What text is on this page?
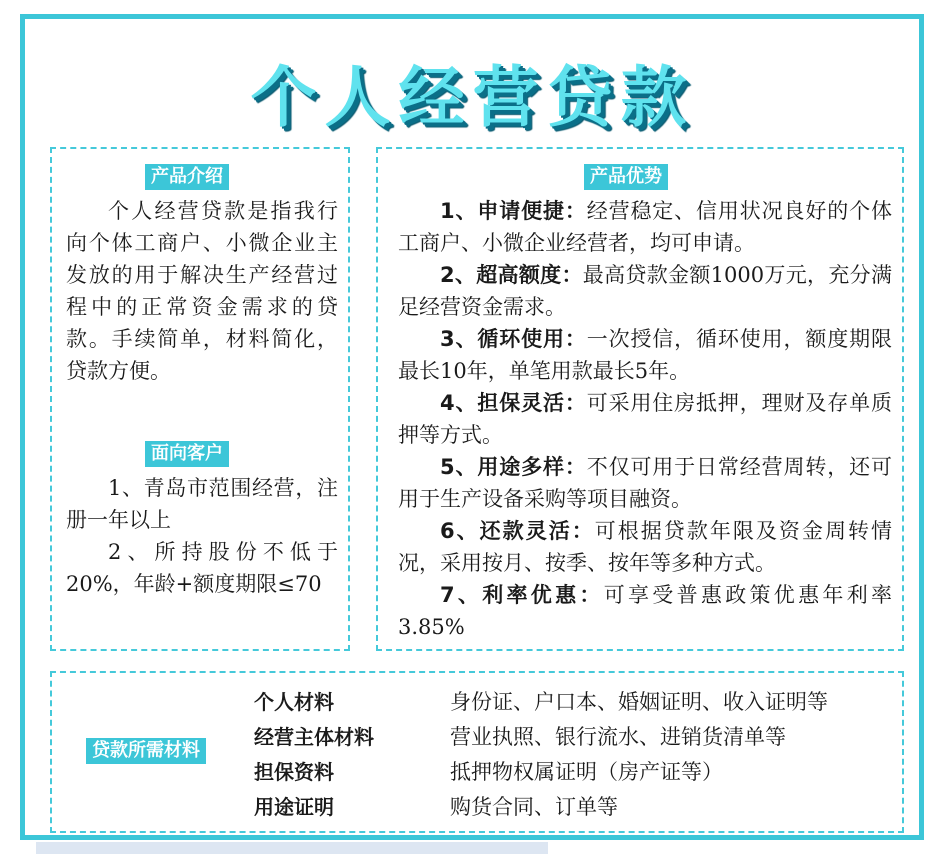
个人经营贷款
产品介绍

个人经营贷款是指我行向个体工商户、小微企业主发放的用于解决生产经营过程中的正常资金需求的贷款。手续简单，材料简化，贷款方便。

面向客户

1、青岛市范围经营，注册一年以上

2、所持股份不低于20%，年龄+额度期限≤70

产品优势

1、申请便捷：经营稳定、信用状况良好的个体工商户、小微企业经营者，均可申请。

2、超高额度：最高贷款金额1000万元，充分满足经营资金需求。

3、循环使用：一次授信，循环使用，额度期限最长10年，单笔用款最长5年。

4、担保灵活：可采用住房抵押，理财及存单质押等方式。

5、用途多样：不仅可用于日常经营周转，还可用于生产设备采购等项目融资。

6、还款灵活：可根据贷款年限及资金周转情况，采用按月、按季、按年等多种方式。

7、利率优惠：可享受普惠政策优惠年利率3.85%

贷款所需材料
个人材料	身份证、户口本、婚姻证明、收入证明等
经营主体材料	营业执照、银行流水、进销货清单等
担保资料	抵押物权属证明（房产证等）
用途证明	购货合同、订单等
